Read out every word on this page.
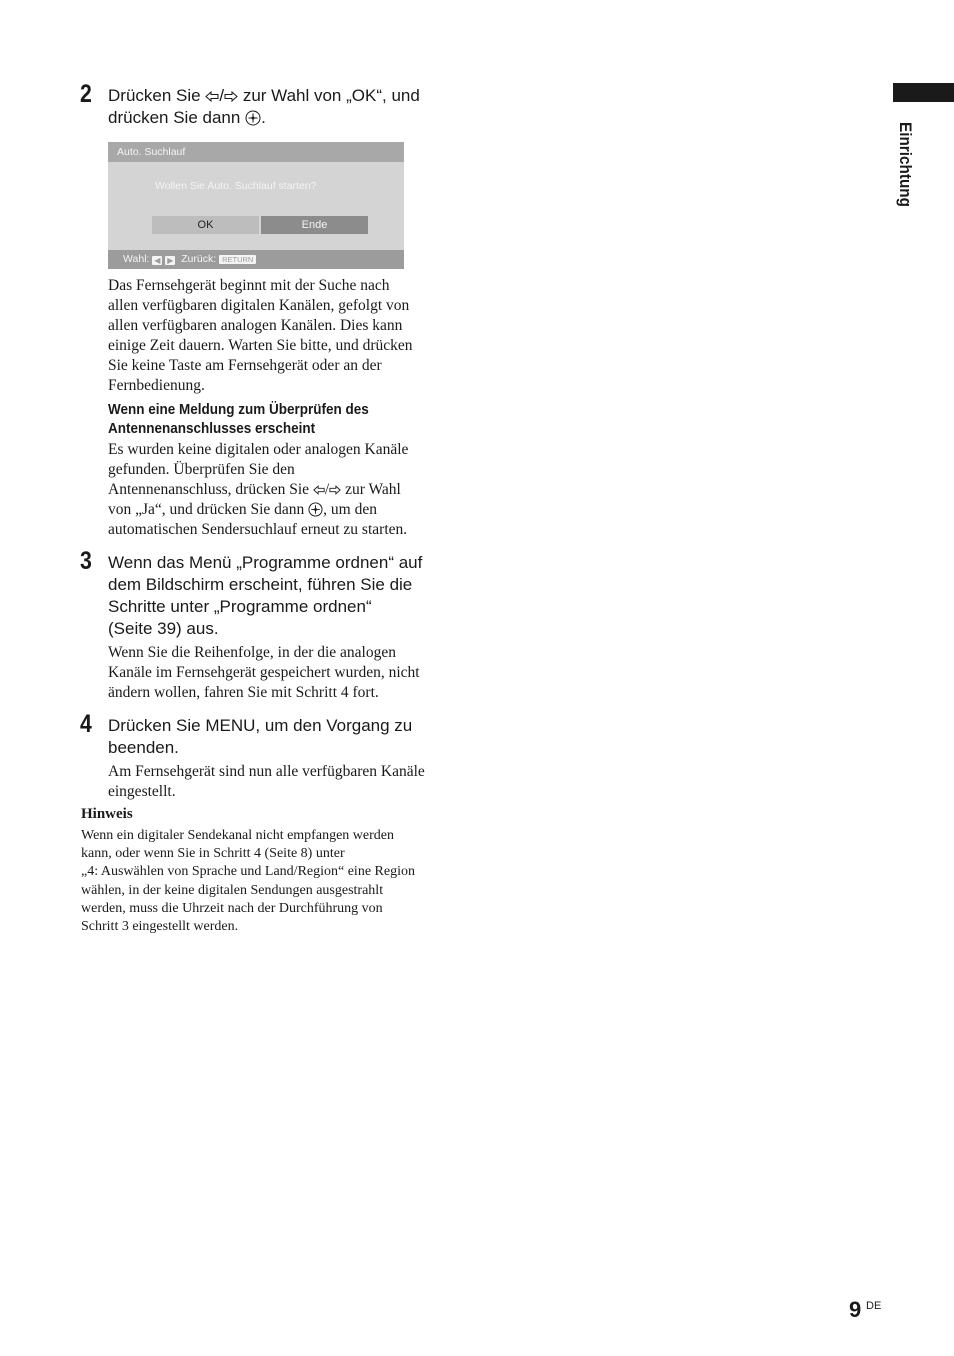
Einrichtung
2 Drücken Sie / zur Wahl von „OK“, und
drücken Sie dann .
Auto. Suchlauf
Wollen Sie Auto. Suchlauf starten?
OK	Ende
Wahl: ◀ ▶ Zurück: RETURN
Das Fernsehgerät beginnt mit der Suche nach
allen verfügbaren digitalen Kanälen, gefolgt von
allen verfügbaren analogen Kanälen. Dies kann
einige Zeit dauern. Warten Sie bitte, und drücken
Sie keine Taste am Fernsehgerät oder an der
Fernbedienung.
Wenn eine Meldung zum Überprüfen des
Antennenanschlusses erscheint
Es wurden keine digitalen oder analogen Kanäle
gefunden. Überprüfen Sie den
Antennenanschluss, drücken Sie / zur Wahl
von „Ja“, und drücken Sie dann , um den
automatischen Sendersuchlauf erneut zu starten.
3 Wenn das Menü „Programme ordnen“ auf
dem Bildschirm erscheint, führen Sie die
Schritte unter „Programme ordnen“
(Seite 39) aus.
Wenn Sie die Reihenfolge, in der die analogen
Kanäle im Fernsehgerät gespeichert wurden, nicht
ändern wollen, fahren Sie mit Schritt 4 fort.
4 Drücken Sie MENU, um den Vorgang zu
beenden.
Am Fernsehgerät sind nun alle verfügbaren Kanäle
eingestellt.
Hinweis
Wenn ein digitaler Sendekanal nicht empfangen werden
kann, oder wenn Sie in Schritt 4 (Seite 8) unter
„4: Auswählen von Sprache und Land/Region“ eine Region
wählen, in der keine digitalen Sendungen ausgestrahlt
werden, muss die Uhrzeit nach der Durchführung von
Schritt 3 eingestellt werden.
9 DE
